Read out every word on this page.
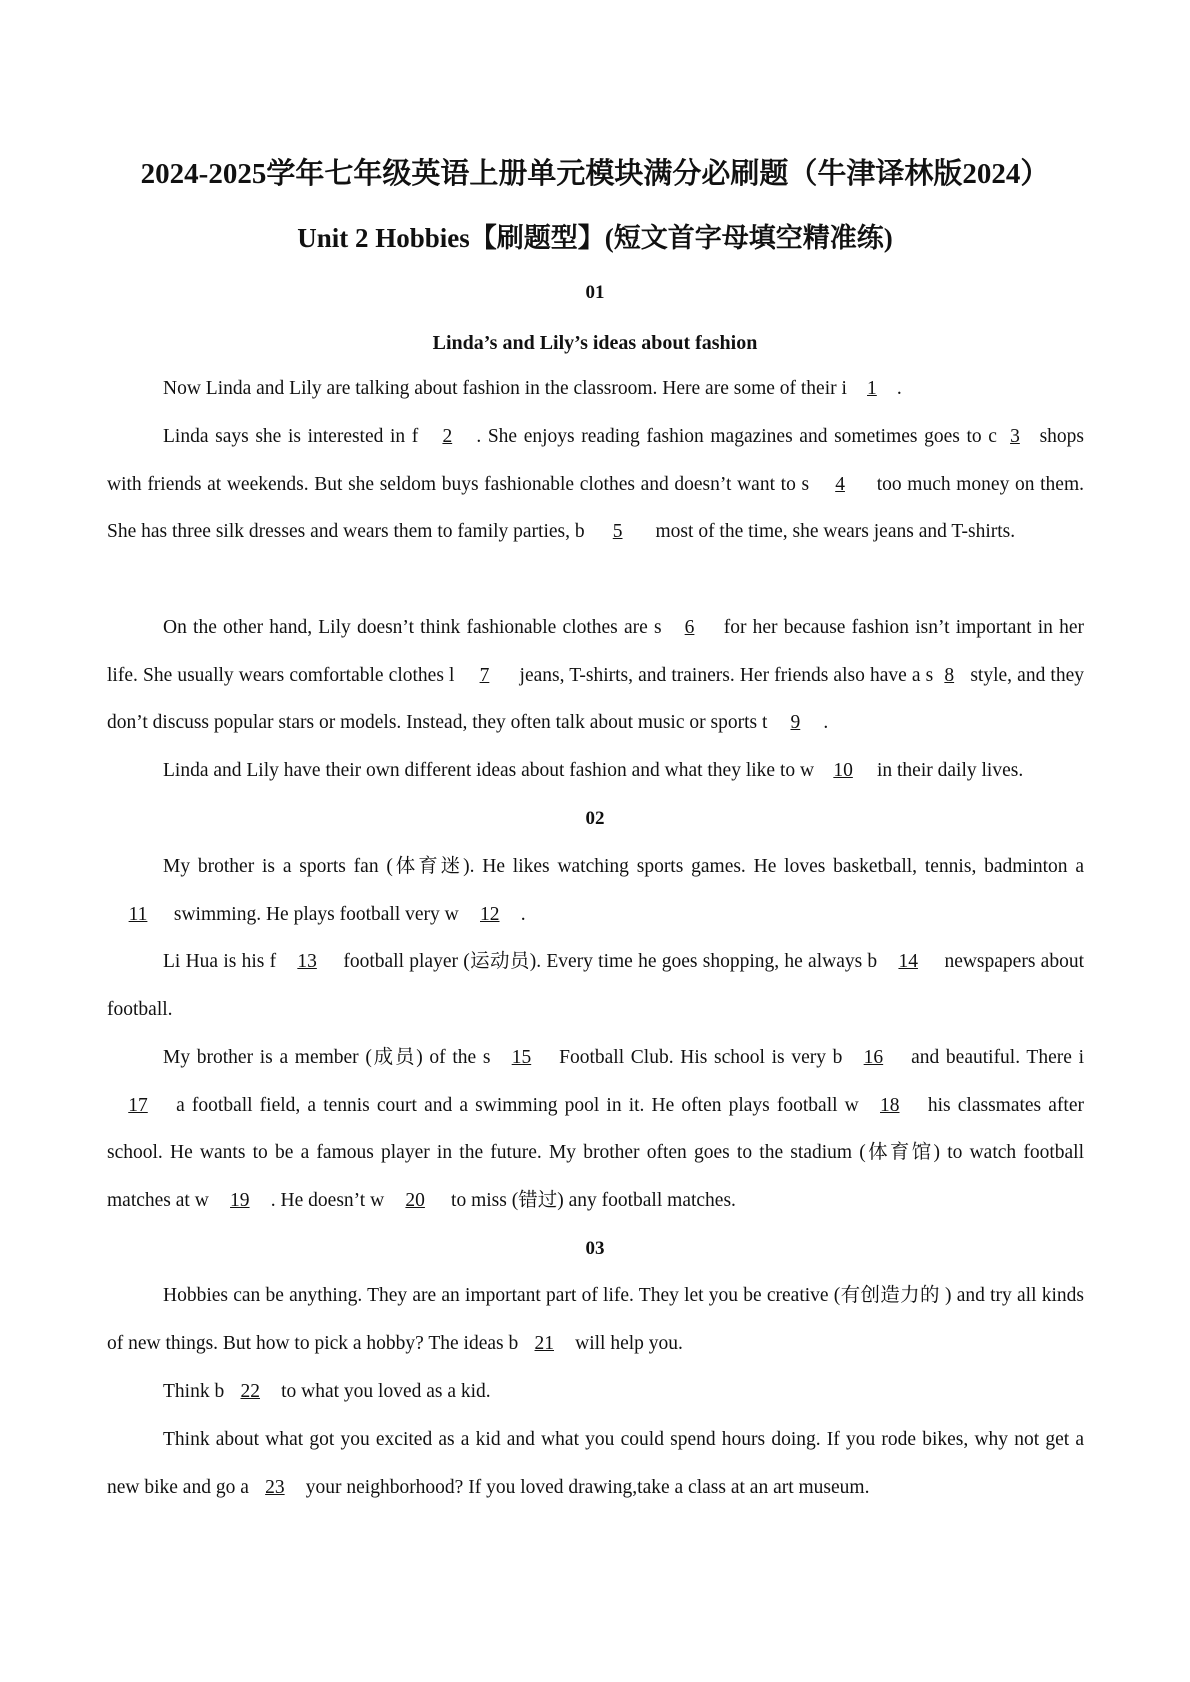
2024-2025学年七年级英语上册单元模块满分必刷题（牛津译林版2024）
Unit 2 Hobbies【刷题型】(短文首字母填空精准练)
01
Linda’s and Lily’s ideas about fashion

Now Linda and Lily are talking about fashion in the classroom. Here are some of their i 1 .

Linda says she is interested in f 2 . She enjoys reading fashion magazines and sometimes goes to c 3 shops with friends at weekends. But she seldom buys fashionable clothes and doesn’t want to s 4 too much money on them. She has three silk dresses and wears them to family parties, b 5 most of the time, she wears jeans and T-shirts.

On the other hand, Lily doesn’t think fashionable clothes are s 6 for her because fashion isn’t important in her life. She usually wears comfortable clothes l 7 jeans, T-shirts, and trainers. Her friends also have a s 8 style, and they don’t discuss popular stars or models. Instead, they often talk about music or sports t 9 .

Linda and Lily have their own different ideas about fashion and what they like to w 10 in their daily lives.

02

My brother is a sports fan (体育迷). He likes watching sports games. He loves basketball, tennis, badminton a11 swimming. He plays football very w 12 .

Li Hua is his f 13 football player (运动员). Every time he goes shopping, he always b 14 newspapers about football.

My brother is a member (成员) of the s 15 Football Club. His school is very b 16 and beautiful. There i17 a football field, a tennis court and a swimming pool in it. He often plays football w 18 his classmates after school. He wants to be a famous player in the future. My brother often goes to the stadium (体育馆) to watch football matches at w 19 . He doesn’t w 20 to miss (错过) any football matches.

03

Hobbies can be anything. They are an important part of life. They let you be creative (有创造力的 ) and try all kinds of new things. But how to pick a hobby? The ideas b 21 will help you.

Think b 22 to what you loved as a kid.

Think about what got you excited as a kid and what you could spend hours doing. If you rode bikes, why not get a new bike and go a 23 your neighborhood? If you loved drawing,take a class at an art museum.
